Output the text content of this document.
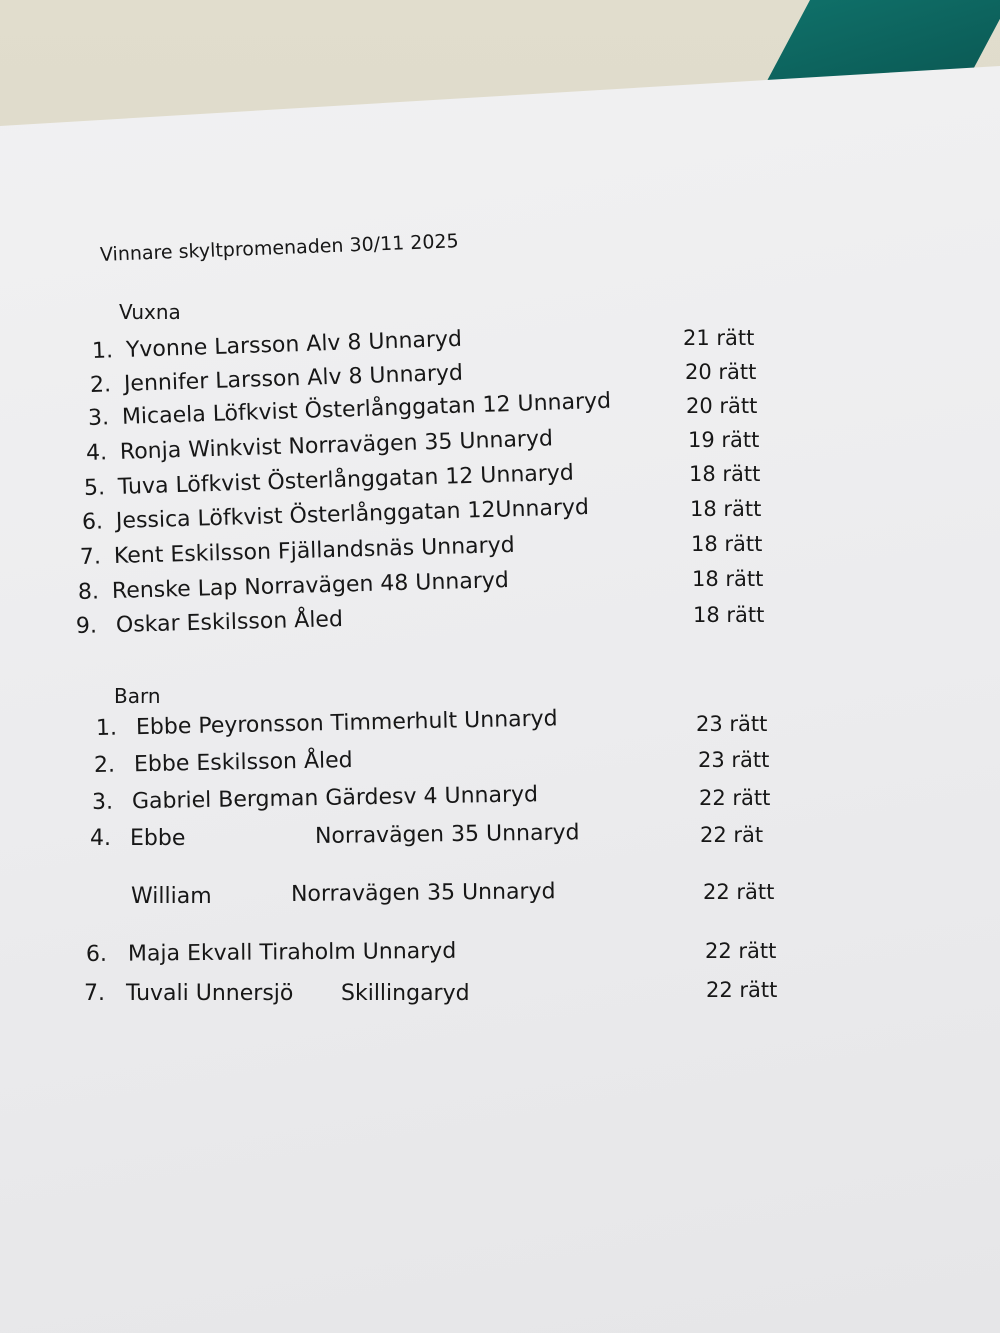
Vinnare skyltpromenaden 30/11 2025
Vuxna
1. Yvonne Larsson Alv 8 Unnaryd	21 rätt
2. Jennifer Larsson Alv 8 Unnaryd	20 rätt
3. Micaela Löfkvist Österlånggatan 12 Unnaryd	20 rätt
4. Ronja Winkvist Norravägen 35 Unnaryd	19 rätt
5. Tuva Löfkvist Österlånggatan 12 Unnaryd	18 rätt
6. Jessica Löfkvist Österlånggatan 12Unnaryd	18 rätt
7. Kent Eskilsson Fjällandsnäs Unnaryd	18 rätt
8. Renske Lap Norravägen 48 Unnaryd	18 rätt
9. Oskar Eskilsson Åled	18 rätt
Barn
1. Ebbe Peyronsson Timmerhult Unnaryd	23 rätt
2. Ebbe Eskilsson Åled	23 rätt
3. Gabriel Bergman Gärdesv 4 Unnaryd	22 rätt
4. Ebbe	Norravägen 35 Unnaryd	22 rät
William	Norravägen 35 Unnaryd	22 rätt
6. Maja Ekvall Tiraholm Unnaryd	22 rätt
7. Tuvali Unnersjö Skillingaryd	22 rätt
